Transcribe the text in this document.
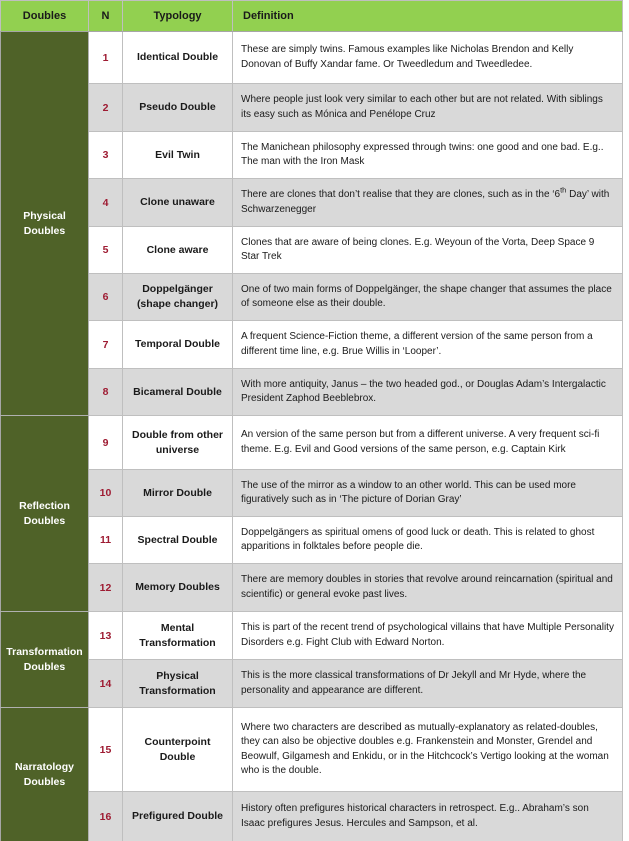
Doubles	N	Typology	Definition
Physical Doubles	1	Identical Double	These are simply twins. Famous examples like Nicholas Brendon and Kelly Donovan of Buffy Xandar fame. Or Tweedledum and Tweedledee.
	2	Pseudo Double	Where people just look very similar to each other but are not related. With siblings its easy such as Mónica and Penélope Cruz
	3	Evil Twin	The Manichean philosophy expressed through twins: one good and one bad. E.g.. The man with the Iron Mask
	4	Clone unaware	There are clones that don’t realise that they are clones, such as in the ‘6th Day’ with Schwarzenegger
	5	Clone aware	Clones that are aware of being clones. E.g. Weyoun of the Vorta, Deep Space 9 Star Trek
	6	Doppelgänger (shape changer)	One of two main forms of Doppelgänger, the shape changer that assumes the place of someone else as their double.
	7	Temporal Double	A frequent Science-Fiction theme, a different version of the same person from a different time line, e.g. Brue Willis in ‘Looper’.
	8	Bicameral Double	With more antiquity, Janus – the two headed god., or Douglas Adam’s Intergalactic President Zaphod Beeblebrox.
Reflection Doubles	9	Double from other universe	An version of the same person but from a different universe. A very frequent sci-fi theme. E.g. Evil and Good versions of the same person, e.g. Captain Kirk
	10	Mirror Double	The use of the mirror as a window to an other world. This can be used more figuratively such as in ‘The picture of Dorian Gray’
	11	Spectral Double	Doppelgängers as spiritual omens of good luck or death. This is related to ghost apparitions in folktales before people die.
	12	Memory Doubles	There are memory doubles in stories that revolve around reincarnation (spiritual and scientific) or general evoke past lives.
Transformation Doubles	13	Mental Transformation	This is part of the recent trend of psychological villains that have Multiple Personality Disorders e.g. Fight Club with Edward Norton.
	14	Physical Transformation	This is the more classical transformations of Dr Jekyll and Mr Hyde, where the personality and appearance are different.
Narratology Doubles	15	Counterpoint Double	Where two characters are described as mutually-explanatory as related-doubles, they can also be objective doubles e.g. Frankenstein and Monster, Grendel and Beowulf, Gilgamesh and Enkidu, or in the Hitchcock’s Vertigo looking at the woman who is the double.
	16	Prefigured Double	History often prefigures historical characters in retrospect. E.g.. Abraham’s son Isaac prefigures Jesus. Hercules and Sampson, et al.
